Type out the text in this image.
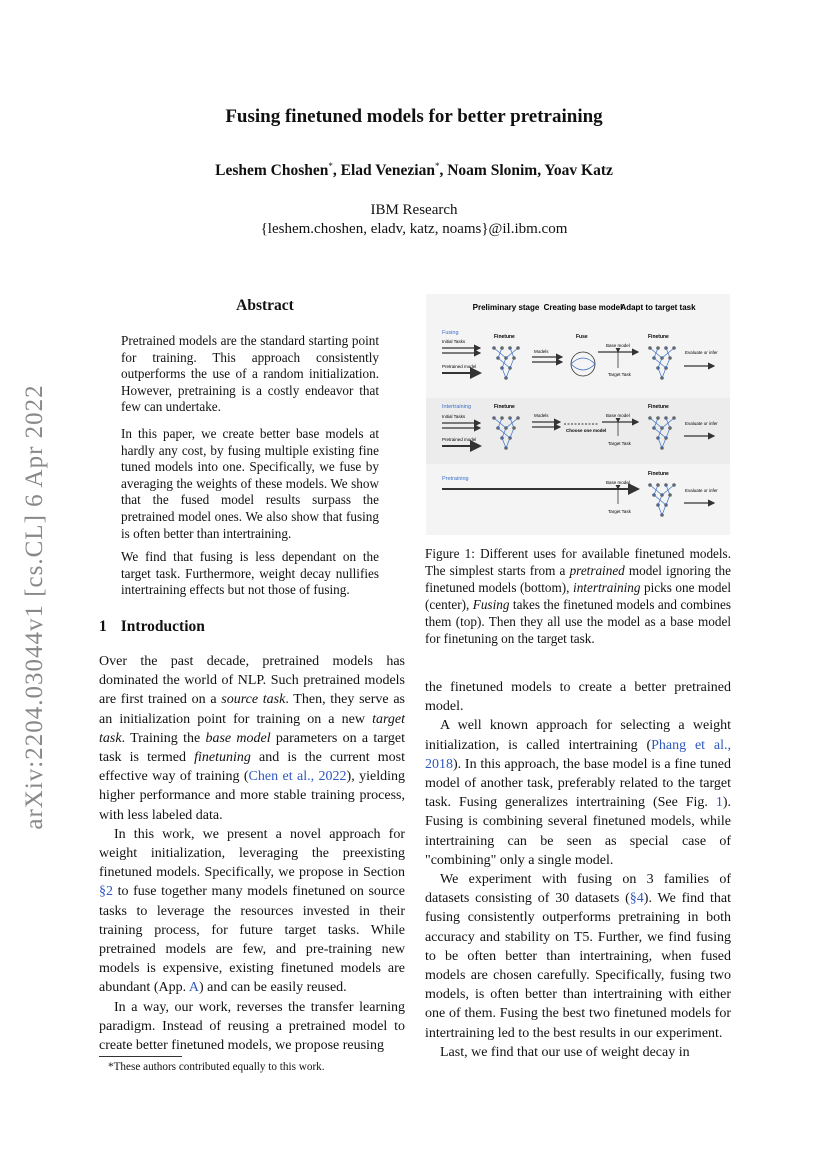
arXiv:2204.03044v1 [cs.CL] 6 Apr 2022
Fusing finetuned models for better pretraining
Leshem Choshen*, Elad Venezian*, Noam Slonim, Yoav Katz
IBM Research
{leshem.choshen, eladv, katz, noams}@il.ibm.com
Abstract
Pretrained models are the standard starting point for training. This approach consistently outperforms the use of a random initialization. However, pretraining is a costly endeavor that few can undertake.
In this paper, we create better base models at hardly any cost, by fusing multiple existing fine tuned models into one. Specifically, we fuse by averaging the weights of these models. We show that the fused model results surpass the pretrained model ones. We also show that fusing is often better than intertraining.
We find that fusing is less dependant on the target task. Furthermore, weight decay nullifies intertraining effects but not those of fusing.
1 Introduction

Over the past decade, pretrained models has dominated the world of NLP. Such pretrained models are first trained on a source task. Then, they serve as an initialization point for training on a new target task. Training the base model parameters on a target task is termed finetuning and is the current most effective way of training (Chen et al., 2022), yielding higher performance and more stable training process, with less labeled data.

In this work, we present a novel approach for weight initialization, leveraging the preexisting finetuned models. Specifically, we propose in Section §2 to fuse together many models finetuned on source tasks to leverage the resources invested in their training process, for future target tasks. While pretrained models are few, and pre-training new models is expensive, existing finetuned models are abundant (App. A) and can be easily reused.

In a way, our work, reverses the transfer learning paradigm. Instead of reusing a pretrained model to create better finetuned models, we propose reusing

*These authors contributed equally to this work.

the finetuned models to create a better pretrained model.

A well known approach for selecting a weight initialization, is called intertraining (Phang et al., 2018). In this approach, the base model is a fine tuned model of another task, preferably related to the target task. Fusing generalizes intertraining (See Fig. 1). Fusing is combining several finetuned models, while intertraining can be seen as special case of "combining" only a single model.

We experiment with fusing on 3 families of datasets consisting of 30 datasets (§4). We find that fusing consistently outperforms pretraining in both accuracy and stability on T5. Further, we find fusing to be often better than intertraining, when fused models are chosen carefully. Specifically, fusing two models, is often better than intertraining with either one of them. Fusing the best two finetuned models for intertraining led to the best results in our experiment.

Last, we find that our use of weight decay in

Preliminary stage Creating base model
Adapt to target task
Fusing
Initial Tasks
Pretrained model
Finetune
Models
Fuse
Base model
Target Task
Finetune
Evaluate or infer
Intertraining
Initial Tasks
Pretrained model
Finetune
Models
Choose one model
Base model
Target Task
Finetune
Evaluate or infer
Pretraining
Base model
Target Task
Finetune
Evaluate or infer
Figure 1: Different uses for available finetuned models. The simplest starts from a pretrained model ignoring the finetuned models (bottom), intertraining picks one model (center), Fusing takes the finetuned models and combines them (top). Then they all use the model as a base model for finetuning on the target task.
